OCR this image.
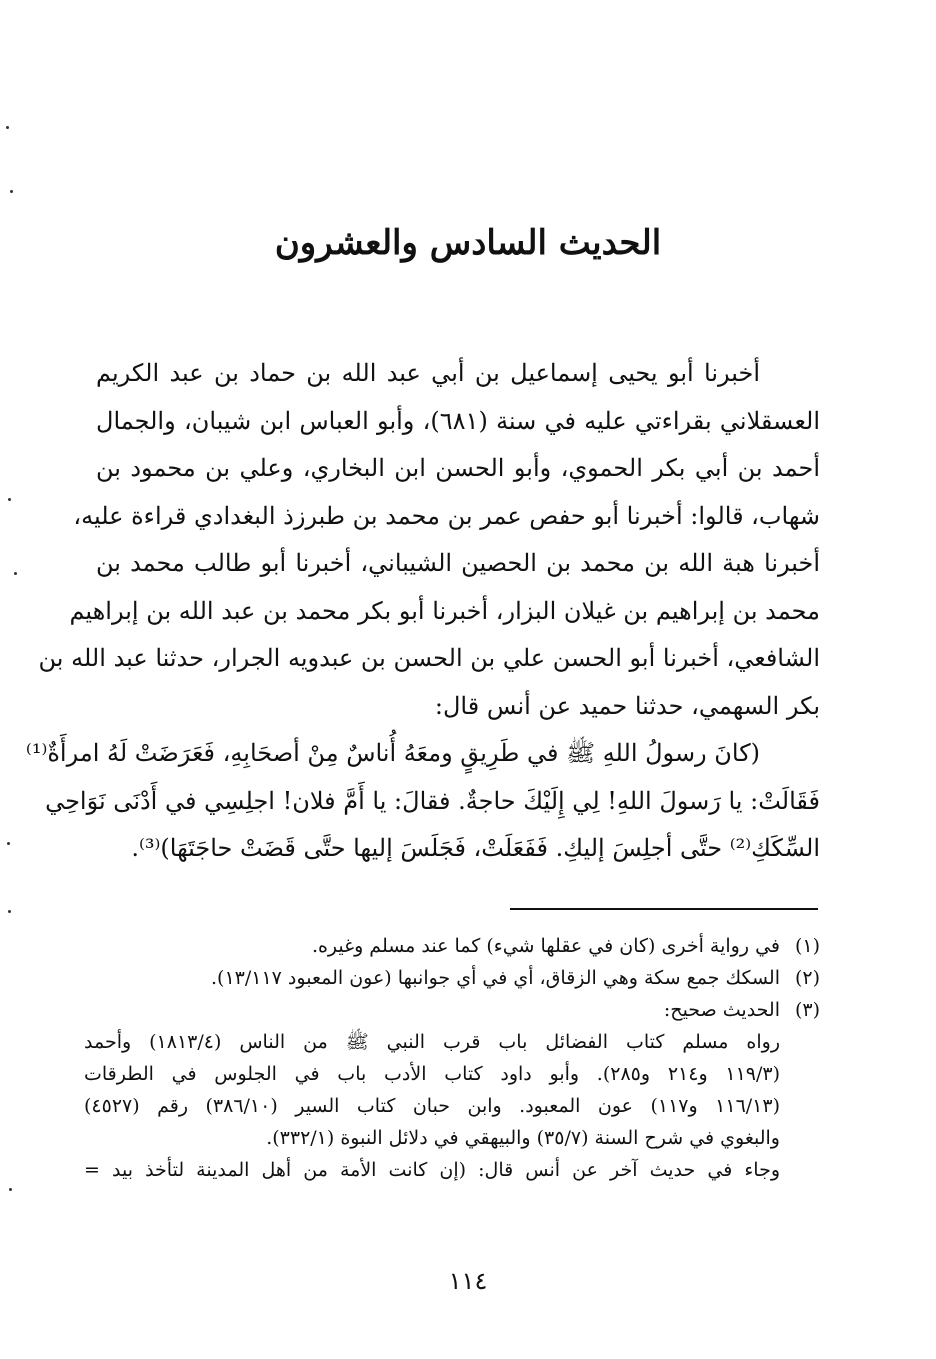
الحديث السادس والعشرون
أخبرنا أبو يحيى إسماعيل بن أبي عبد الله بن حماد بن عبد الكريم
العسقلاني بقراءتي عليه في سنة (٦٨١)، وأبو العباس ابن شيبان، والجمال
أحمد بن أبي بكر الحموي، وأبو الحسن ابن البخاري، وعلي بن محمود بن
شهاب، قالوا: أخبرنا أبو حفص عمر بن محمد بن طبرزذ البغدادي قراءة عليه،
أخبرنا هبة الله بن محمد بن الحصين الشيباني، أخبرنا أبو طالب محمد بن
محمد بن إبراهيم بن غيلان البزار، أخبرنا أبو بكر محمد بن عبد الله بن إبراهيم
الشافعي، أخبرنا أبو الحسن علي بن الحسن بن عبدويه الجرار، حدثنا عبد الله بن
بكر السهمي، حدثنا حميد عن أنس قال:
(كانَ رسولُ اللهِ ﷺ في طَرِيقٍ ومعَهُ أُناسٌ مِنْ أصحَابِهِ، فَعَرَضَتْ لَهُ امرأَةٌ⁽¹⁾
فَقَالَتْ: يا رَسولَ اللهِ! لِي إِلَيْكَ حاجةٌ. فقالَ: يا أَمَّ فلان! اجلِسِي في أَدْنَى نَوَاحِي
السِّكَكِ⁽²⁾ حتَّى أجلِسَ إليكِ. فَفَعَلَتْ، فَجَلَسَ إليها حتَّى قَضَتْ حاجَتَهَا)⁽³⁾.
(١)في رواية أخرى (كان في عقلها شيء) كما عند مسلم وغيره.
(٢)السكك جمع سكة وهي الزقاق، أي في أي جوانبها (عون المعبود ١٣/١١٧).
(٣)الحديث صحيح:
رواه مسلم كتاب الفضائل باب قرب النبي ﷺ من الناس (١٨١٣/٤) وأحمد
(١١٩/٣ و٢١٤ و٢٨٥). وأبو داود كتاب الأدب باب في الجلوس في الطرقات
(١١٦/١٣ و١١٧) عون المعبود. وابن حبان كتاب السير (٣٨٦/١٠) رقم (٤٥٢٧)
والبغوي في شرح السنة (٣٥/٧) والبيهقي في دلائل النبوة (٣٣٢/١).
وجاء في حديث آخر عن أنس قال: (إن كانت الأمة من أهل المدينة لتأخذ بيد =
١١٤
